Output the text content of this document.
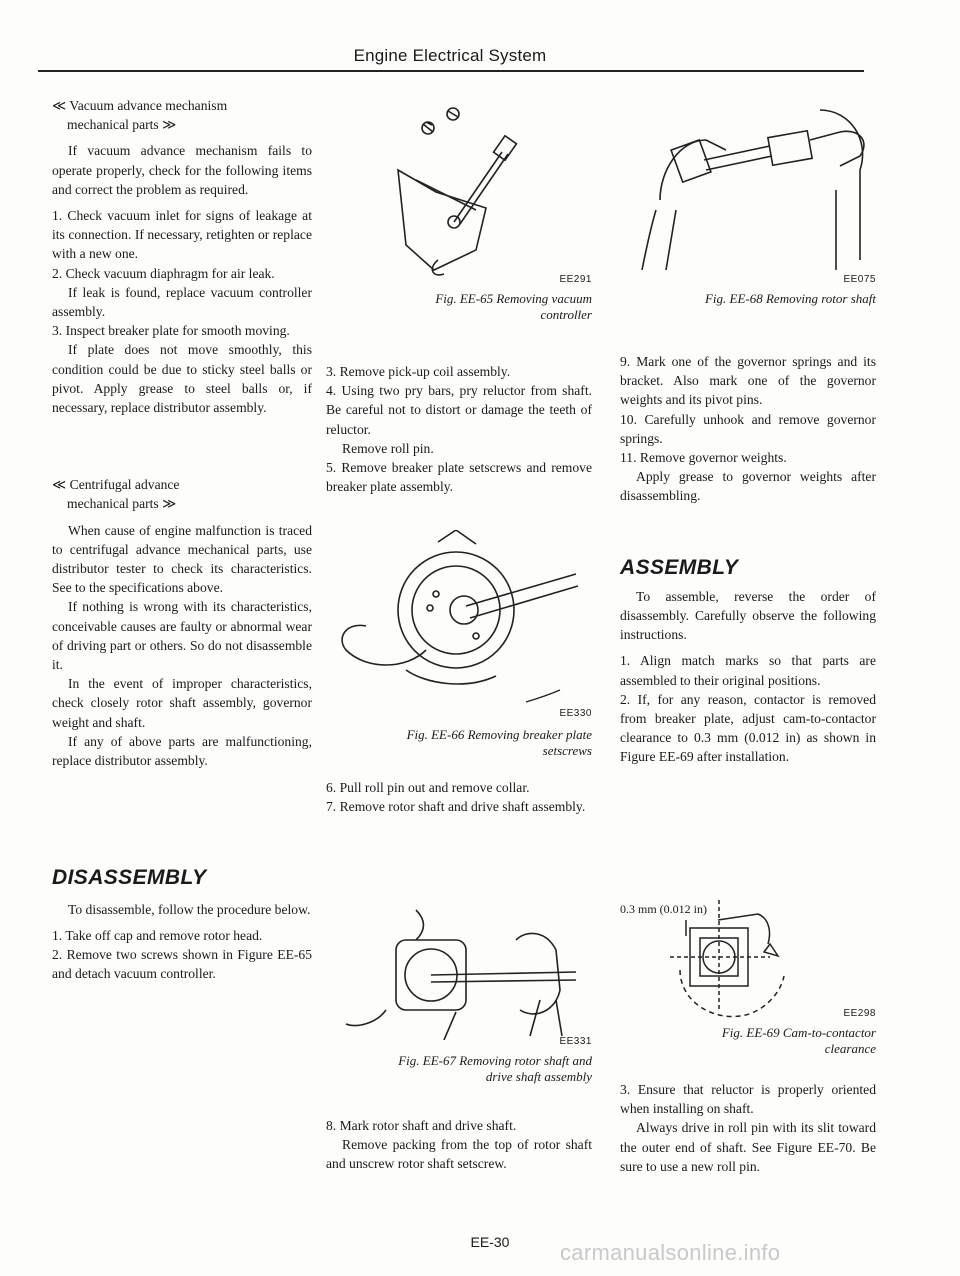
Engine Electrical System

≪ Vacuum advance mechanism

mechanical parts ≫

If vacuum advance mechanism fails to operate properly, check for the following items and correct the problem as required.

1. Check vacuum inlet for signs of leakage at its connection. If necessary, retighten or replace with a new one.

2. Check vacuum diaphragm for air leak.

If leak is found, replace vacuum controller assembly.

3. Inspect breaker plate for smooth moving.

If plate does not move smoothly, this condition could be due to sticky steel balls or pivot. Apply grease to steel balls or, if necessary, replace distributor assembly.

≪ Centrifugal advance

mechanical parts ≫

When cause of engine malfunction is traced to centrifugal advance mechanical parts, use distributor tester to check its characteristics. See to the specifications above.

If nothing is wrong with its characteristics, conceivable causes are faulty or abnormal wear of driving part or others. So do not disassemble it.

In the event of improper characteristics, check closely rotor shaft assembly, governor weight and shaft.

If any of above parts are malfunctioning, replace distributor assembly.

DISASSEMBLY

To disassemble, follow the procedure below.

1. Take off cap and remove rotor head.

2. Remove two screws shown in Figure EE-65 and detach vacuum controller.

EE291
Fig. EE-65 Removing vacuum
controller

3. Remove pick-up coil assembly.

4. Using two pry bars, pry reluctor from shaft. Be careful not to distort or damage the teeth of reluctor.

Remove roll pin.

5. Remove breaker plate setscrews and remove breaker plate assembly.

EE330
Fig. EE-66 Removing breaker plate
setscrews

6. Pull roll pin out and remove collar.

7. Remove rotor shaft and drive shaft assembly.

EE331
Fig. EE-67 Removing rotor shaft and
drive shaft assembly

8. Mark rotor shaft and drive shaft.

Remove packing from the top of rotor shaft and unscrew rotor shaft setscrew.

EE075
Fig. EE-68 Removing rotor shaft

9. Mark one of the governor springs and its bracket. Also mark one of the governor weights and its pivot pins.

10. Carefully unhook and remove governor springs.

11. Remove governor weights.

Apply grease to governor weights after disassembling.

ASSEMBLY

To assemble, reverse the order of disassembly. Carefully observe the following instructions.

1. Align match marks so that parts are assembled to their original positions.

2. If, for any reason, contactor is removed from breaker plate, adjust cam-to-contactor clearance to 0.3 mm (0.012 in) as shown in Figure EE-69 after installation.

0.3 mm (0.012 in)
EE298
Fig. EE-69 Cam-to-contactor
clearance

3. Ensure that reluctor is properly oriented when installing on shaft.

Always drive in roll pin with its slit toward the outer end of shaft. See Figure EE-70. Be sure to use a new roll pin.

EE-30	carmanualsonline.info
